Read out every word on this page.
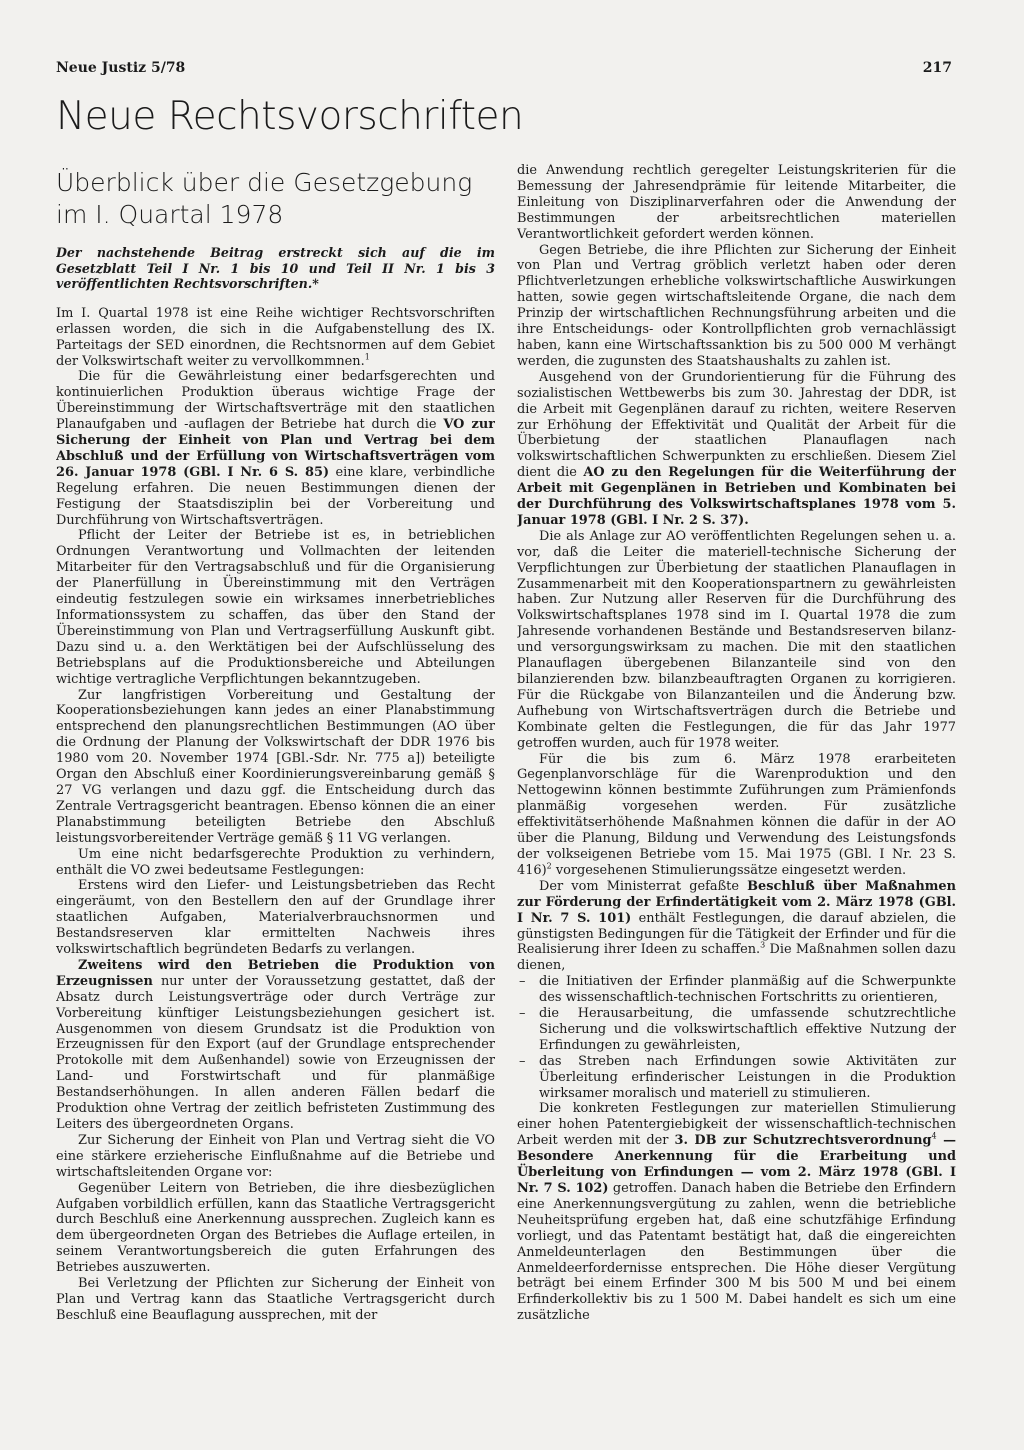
Neue Justiz 5/78	217
Neue Rechtsvorschriften
Überblick über die Gesetzgebung
im I. Quartal 1978

Der nachstehende Beitrag erstreckt sich auf die im Gesetzblatt Teil I Nr. 1 bis 10 und Teil II Nr. 1 bis 3 veröffentlichten Rechtsvorschriften.*

Im I. Quartal 1978 ist eine Reihe wichtiger Rechtsvorschriften erlassen worden, die sich in die Aufgabenstellung des IX. Parteitags der SED einordnen, die Rechtsnormen auf dem Gebiet der Volkswirtschaft weiter zu vervollkommnen.$^1$

Die für die Gewährleistung einer bedarfsgerechten und kontinuierlichen Produktion überaus wichtige Frage der Übereinstimmung der Wirtschaftsverträge mit den staatlichen Planaufgaben und -auflagen der Betriebe hat durch die VO zur Sicherung der Einheit von Plan und Vertrag bei dem Abschluß und der Erfüllung von Wirtschaftsverträgen vom 26. Januar 1978 (GBl. I Nr. 6 S. 85) eine klare, verbindliche Regelung erfahren. Die neuen Bestimmungen dienen der Festigung der Staatsdisziplin bei der Vorbereitung und Durchführung von Wirtschaftsverträgen.

Pflicht der Leiter der Betriebe ist es, in betrieblichen Ordnungen Verantwortung und Vollmachten der leitenden Mitarbeiter für den Vertragsabschluß und für die Organisierung der Planerfüllung in Übereinstimmung mit den Verträgen eindeutig festzulegen sowie ein wirksames innerbetriebliches Informationssystem zu schaffen, das über den Stand der Übereinstimmung von Plan und Vertragserfüllung Auskunft gibt. Dazu sind u. a. den Werktätigen bei der Aufschlüsselung des Betriebsplans auf die Produktionsbereiche und Abteilungen wichtige vertragliche Verpflichtungen bekanntzugeben.

Zur langfristigen Vorbereitung und Gestaltung der Kooperationsbeziehungen kann jedes an einer Planabstimmung entsprechend den planungsrechtlichen Bestimmungen (AO über die Ordnung der Planung der Volkswirtschaft der DDR 1976 bis 1980 vom 20. November 1974 [GBl.-Sdr. Nr. 775 a]) beteiligte Organ den Abschluß einer Koordinierungsvereinbarung gemäß § 27 VG verlangen und dazu ggf. die Entscheidung durch das Zentrale Vertragsgericht beantragen. Ebenso können die an einer Planabstimmung beteiligten Betriebe den Abschluß leistungsvorbereitender Verträge gemäß § 11 VG verlangen.

Um eine nicht bedarfsgerechte Produktion zu verhindern, enthält die VO zwei bedeutsame Festlegungen:

Erstens wird den Liefer- und Leistungsbetrieben das Recht eingeräumt, von den Bestellern den auf der Grundlage ihrer staatlichen Aufgaben, Materialverbrauchsnormen und Bestandsreserven klar ermittelten Nachweis ihres volkswirtschaftlich begründeten Bedarfs zu verlangen.

Zweitens wird den Betrieben die Produktion von Erzeugnissen nur unter der Voraussetzung gestattet, daß der Absatz durch Leistungsverträge oder durch Verträge zur Vorbereitung künftiger Leistungsbeziehungen gesichert ist. Ausgenommen von diesem Grundsatz ist die Produktion von Erzeugnissen für den Export (auf der Grundlage entsprechender Protokolle mit dem Außenhandel) sowie von Erzeugnissen der Land- und Forstwirtschaft und für planmäßige Bestandserhöhungen. In allen anderen Fällen bedarf die Produktion ohne Vertrag der zeitlich befristeten Zustimmung des Leiters des übergeordneten Organs.

Zur Sicherung der Einheit von Plan und Vertrag sieht die VO eine stärkere erzieherische Einflußnahme auf die Betriebe und wirtschaftsleitenden Organe vor:

Gegenüber Leitern von Betrieben, die ihre diesbezüglichen Aufgaben vorbildlich erfüllen, kann das Staatliche Vertragsgericht durch Beschluß eine Anerkennung aussprechen. Zugleich kann es dem übergeordneten Organ des Betriebes die Auflage erteilen, in seinem Verantwortungsbereich die guten Erfahrungen des Betriebes auszuwerten.

Bei Verletzung der Pflichten zur Sicherung der Einheit von Plan und Vertrag kann das Staatliche Vertragsgericht durch Beschluß eine Beauflagung aussprechen, mit der

die Anwendung rechtlich geregelter Leistungskriterien für die Bemessung der Jahresendprämie für leitende Mitarbeiter, die Einleitung von Disziplinarverfahren oder die Anwendung der Bestimmungen der arbeitsrechtlichen materiellen Verantwortlichkeit gefordert werden können.

Gegen Betriebe, die ihre Pflichten zur Sicherung der Einheit von Plan und Vertrag gröblich verletzt haben oder deren Pflichtverletzungen erhebliche volkswirtschaftliche Auswirkungen hatten, sowie gegen wirtschaftsleitende Organe, die nach dem Prinzip der wirtschaftlichen Rechnungsführung arbeiten und die ihre Entscheidungs- oder Kontrollpflichten grob vernachlässigt haben, kann eine Wirtschaftssanktion bis zu 500 000 M verhängt werden, die zugunsten des Staatshaushalts zu zahlen ist.

Ausgehend von der Grundorientierung für die Führung des sozialistischen Wettbewerbs bis zum 30. Jahrestag der DDR, ist die Arbeit mit Gegenplänen darauf zu richten, weitere Reserven zur Erhöhung der Effektivität und Qualität der Arbeit für die Überbietung der staatlichen Planauflagen nach volkswirtschaftlichen Schwerpunkten zu erschließen. Diesem Ziel dient die AO zu den Regelungen für die Weiterführung der Arbeit mit Gegenplänen in Betrieben und Kombinaten bei der Durchführung des Volkswirtschaftsplanes 1978 vom 5. Januar 1978 (GBl. I Nr. 2 S. 37).

Die als Anlage zur AO veröffentlichten Regelungen sehen u. a. vor, daß die Leiter die materiell-technische Sicherung der Verpflichtungen zur Überbietung der staatlichen Planauflagen in Zusammenarbeit mit den Kooperationspartnern zu gewährleisten haben. Zur Nutzung aller Reserven für die Durchführung des Volkswirtschaftsplanes 1978 sind im I. Quartal 1978 die zum Jahresende vorhandenen Bestände und Bestandsreserven bilanz- und versorgungswirksam zu machen. Die mit den staatlichen Planauflagen übergebenen Bilanzanteile sind von den bilanzierenden bzw. bilanzbeauftragten Organen zu korrigieren. Für die Rückgabe von Bilanzanteilen und die Änderung bzw. Aufhebung von Wirtschaftsverträgen durch die Betriebe und Kombinate gelten die Festlegungen, die für das Jahr 1977 getroffen wurden, auch für 1978 weiter.

Für die bis zum 6. März 1978 erarbeiteten Gegenplanvorschläge für die Warenproduktion und den Nettogewinn können bestimmte Zuführungen zum Prämienfonds planmäßig vorgesehen werden. Für zusätzliche effektivitätserhöhende Maßnahmen können die dafür in der AO über die Planung, Bildung und Verwendung des Leistungsfonds der volkseigenen Betriebe vom 15. Mai 1975 (GBl. I Nr. 23 S. 416)$^2$ vorgesehenen Stimulierungssätze eingesetzt werden.

Der vom Ministerrat gefaßte Beschluß über Maßnahmen zur Förderung der Erfindertätigkeit vom 2. März 1978 (GBl. I Nr. 7 S. 101) enthält Festlegungen, die darauf abzielen, die günstigsten Bedingungen für die Tätigkeit der Erfinder und für die Realisierung ihrer Ideen zu schaffen.$^3$ Die Maßnahmen sollen dazu dienen,

– die Initiativen der Erfinder planmäßig auf die Schwerpunkte des wissenschaftlich-technischen Fortschritts zu orientieren,
– die Herausarbeitung, die umfassende schutzrechtliche Sicherung und die volkswirtschaftlich effektive Nutzung der Erfindungen zu gewährleisten,
– das Streben nach Erfindungen sowie Aktivitäten zur Überleitung erfinderischer Leistungen in die Produktion wirksamer moralisch und materiell zu stimulieren.

Die konkreten Festlegungen zur materiellen Stimulierung einer hohen Patentergiebigkeit der wissenschaftlich-technischen Arbeit werden mit der 3. DB zur Schutzrechtsverordnung$^4$ — Besondere Anerkennung für die Erarbeitung und Überleitung von Erfindungen — vom 2. März 1978 (GBl. I Nr. 7 S. 102) getroffen. Danach haben die Betriebe den Erfindern eine Anerkennungsvergütung zu zahlen, wenn die betriebliche Neuheitsprüfung ergeben hat, daß eine schutzfähige Erfindung vorliegt, und das Patentamt bestätigt hat, daß die eingereichten Anmeldeunterlagen den Bestimmungen über die Anmeldeerfordernisse entsprechen. Die Höhe dieser Vergütung beträgt bei einem Erfinder 300 M bis 500 M und bei einem Erfinderkollektiv bis zu 1 500 M. Dabei handelt es sich um eine zusätzliche
